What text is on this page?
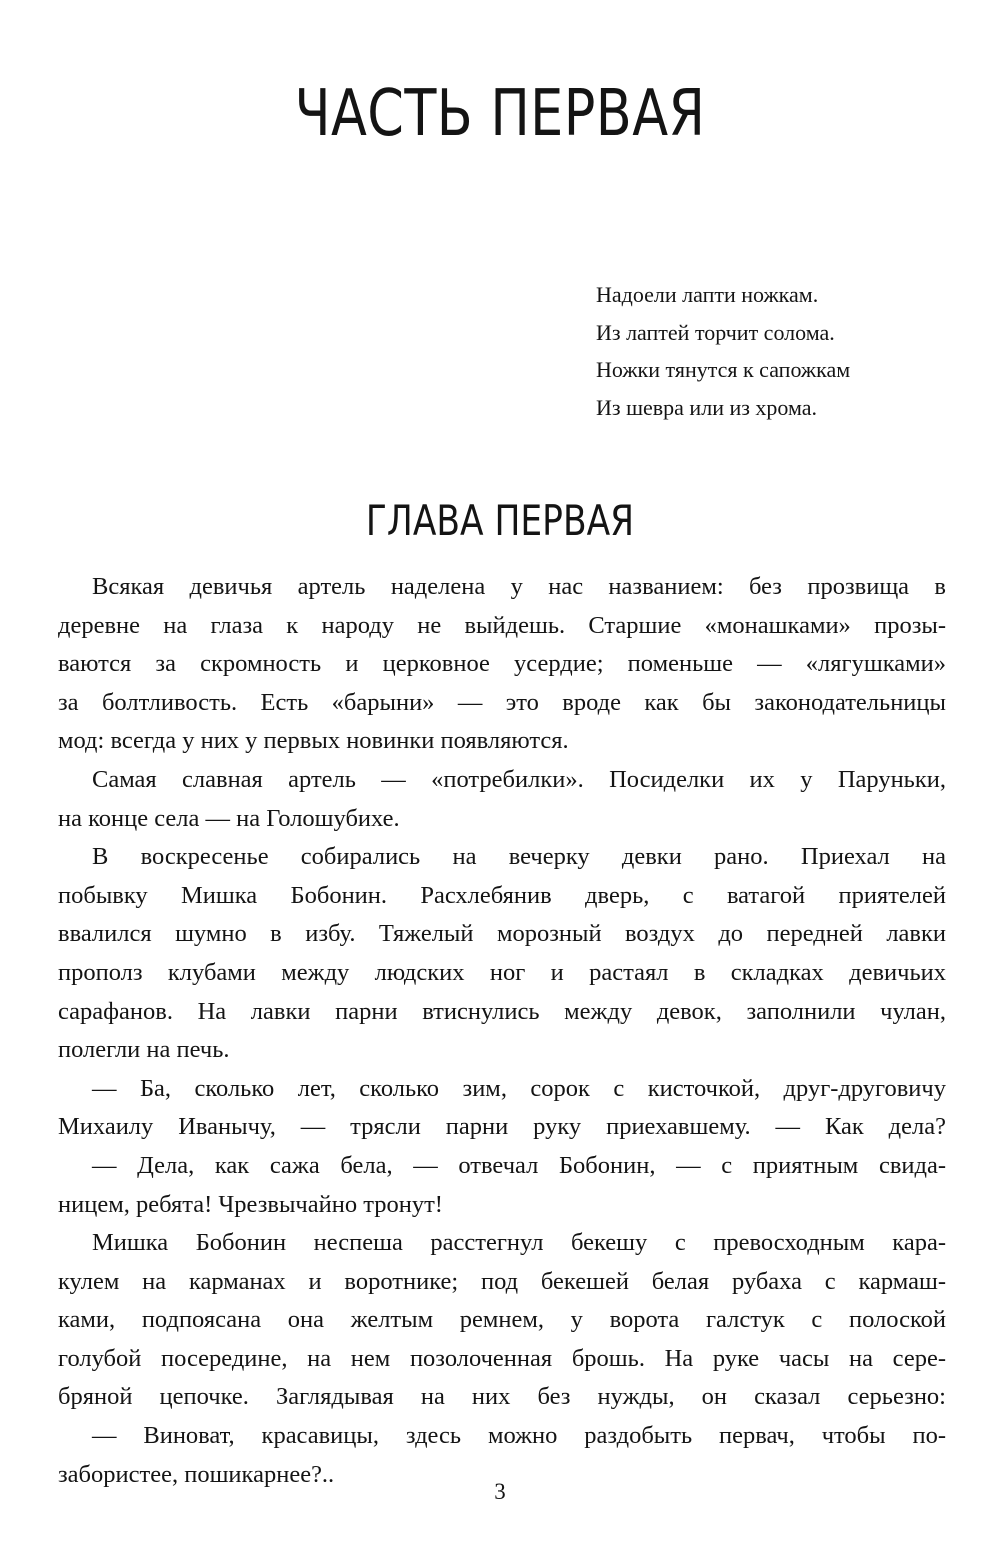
ЧАСТЬ ПЕРВАЯ
Надоели лапти ножкам.
Из лаптей торчит солома.
Ножки тянутся к сапожкам
Из шевра или из хрома.
ГЛАВА ПЕРВАЯ
Всякая девичья артель наделена у нас названием: без прозвища в
деревне на глаза к народу не выйдешь. Старшие «монашками» прозы-
ваются за скромность и церковное усердие; поменьше — «лягушками»
за болтливость. Есть «барыни» — это вроде как бы законодательницы
мод: всегда у них у первых новинки появляются.
Самая славная артель — «потребилки». Посиделки их у Паруньки,
на конце села — на Голошубихе.
В воскресенье собирались на вечерку девки рано. Приехал на
побывку Мишка Бобонин. Расхлебянив дверь, с ватагой приятелей
ввалился шумно в избу. Тяжелый морозный воздух до передней лавки
прополз клубами между людских ног и растаял в складках девичьих
сарафанов. На лавки парни втиснулись между девок, заполнили чулан,
полегли на печь.
— Ба, сколько лет, сколько зим, сорок с кисточкой, друг-друговичу
Михаилу Иванычу, — трясли парни руку приехавшему. — Как дела?
— Дела, как сажа бела, — отвечал Бобонин, — с приятным свида-
ницем, ребята! Чрезвычайно тронут!
Мишка Бобонин неспеша расстегнул бекешу с превосходным кара-
кулем на карманах и воротнике; под бекешей белая рубаха с кармаш-
ками, подпоясана она желтым ремнем, у ворота галстук с полоской
голубой посередине, на нем позолоченная брошь. На руке часы на сере-
бряной цепочке. Заглядывая на них без нужды, он сказал серьезно:
— Виноват, красавицы, здесь можно раздобыть первач, чтобы по-
забористее, пошикарнее?..
3
